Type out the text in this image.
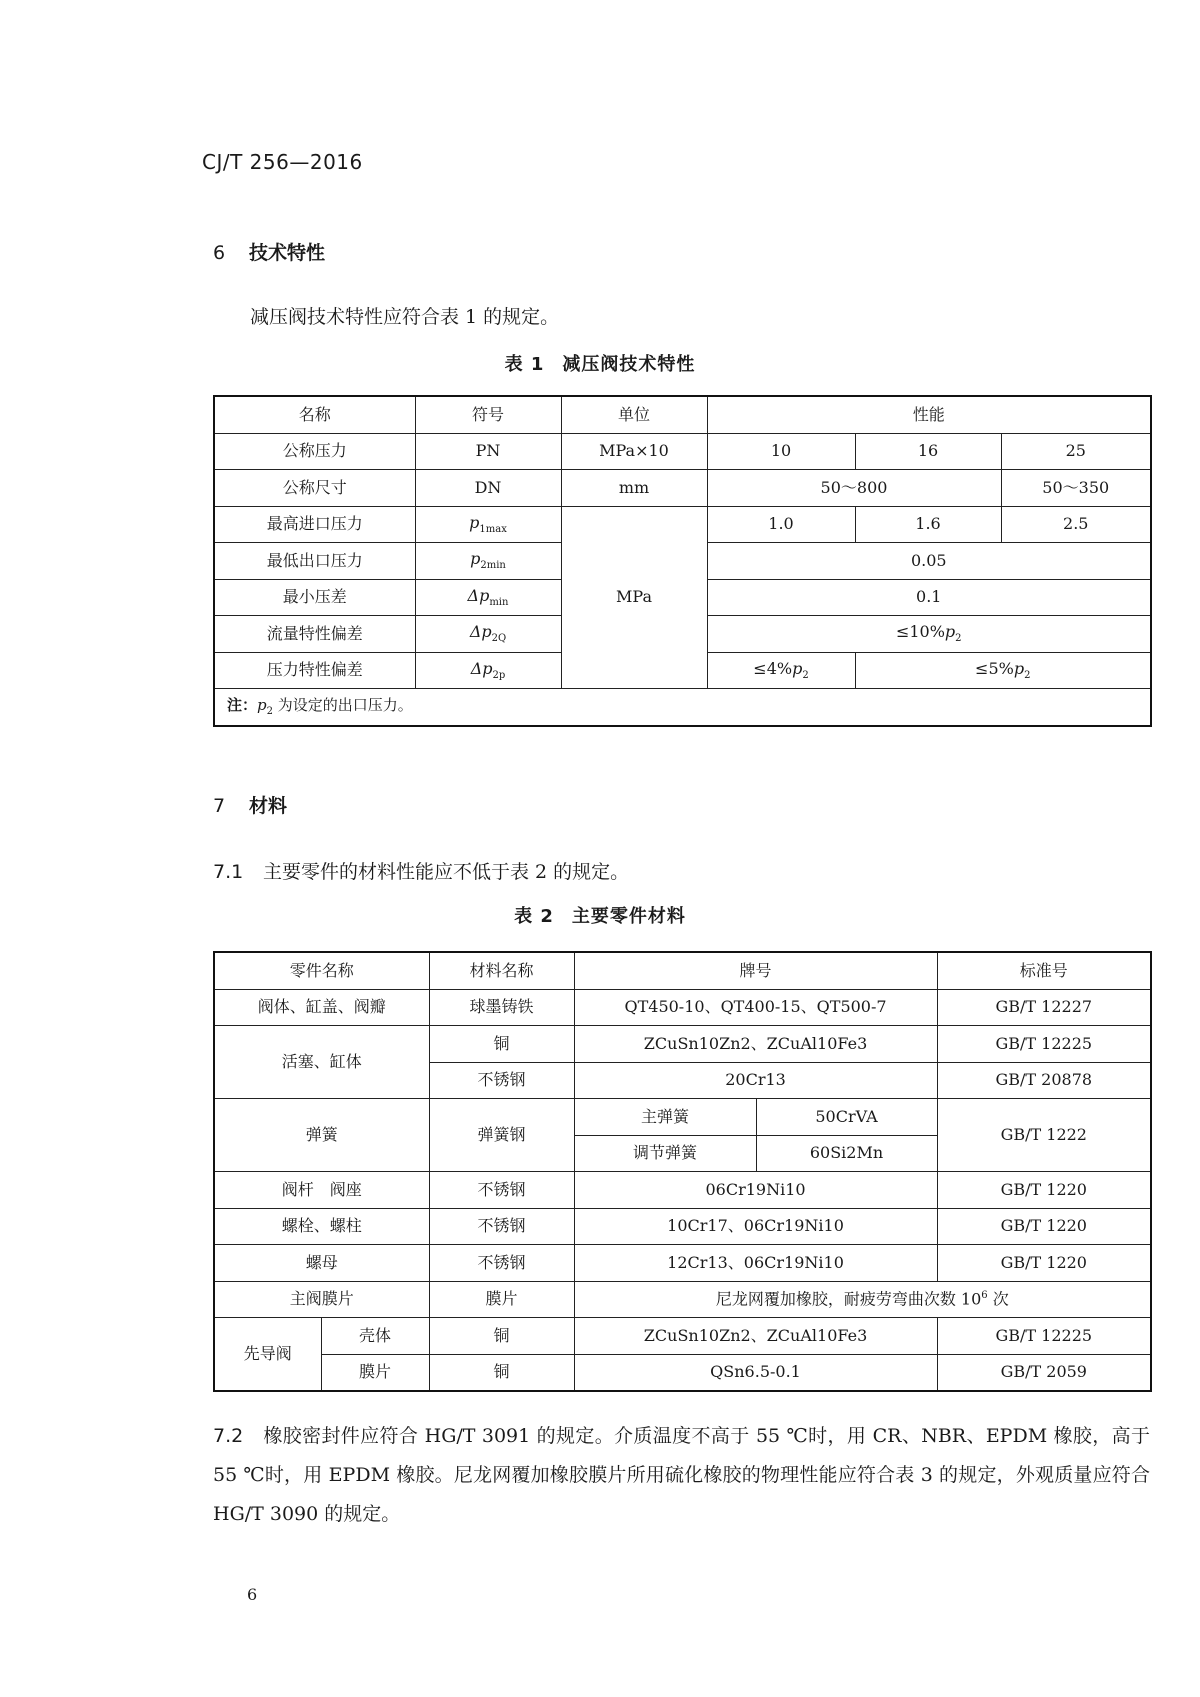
CJ/T 256—2016
6 技术特性
减压阀技术特性应符合表 1 的规定。
表 1 减压阀技术特性
名称	符号	单位	性能		
公称压力	PN	MPa×10	10	16	25
公称尺寸	DN	mm	50～800		50～350
最高进口压力	$p_{1max}$	MPa	1.0	1.6	2.5
最低出口压力	$p_{2min}$		0.05		
最小压差	$\Delta p_{min}$		0.1		
流量特性偏差	$\Delta p_{2Q}$		$\le 10\%p_2$
压力特性偏差	$\Delta p_{2p}$		$\le 4\%p_2$	$\le 5\%p_2$
注：$p_2$ 为设定的出口压力。					
7 材料
7.1 主要零件的材料性能应不低于表 2 的规定。
表 2 主要零件材料
零件名称		材料名称	牌号		标准号
阀体、缸盖、阀瓣		球墨铸铁	QT450-10、QT400-15、QT500-7		GB/T 12227
活塞、缸体		铜	ZCuSn10Zn2、ZCuAl10Fe3		GB/T 12225
		不锈钢	20Cr13		GB/T 20878
弹簧		弹簧钢	主弹簧	50CrVA	GB/T 1222
			调节弹簧	60Si2Mn	
阀杆　阀座		不锈钢	06Cr19Ni10		GB/T 1220
螺栓、螺柱		不锈钢	10Cr17、06Cr19Ni10		GB/T 1220
螺母		不锈钢	12Cr13、06Cr19Ni10		GB/T 1220
主阀膜片		膜片	尼龙网覆加橡胶，耐疲劳弯曲次数 $10^6$ 次		
先导阀	壳体	铜	ZCuSn10Zn2、ZCuAl10Fe3		GB/T 12225
	膜片	铜	QSn6.5-0.1		GB/T 2059
7.2 橡胶密封件应符合 HG/T 3091 的规定。介质温度不高于 55 ℃时，用 CR、NBR、EPDM 橡胶，高于 55 ℃时，用 EPDM 橡胶。尼龙网覆加橡胶膜片所用硫化橡胶的物理性能应符合表 3 的规定，外观质量应符合 HG/T 3090 的规定。
6
